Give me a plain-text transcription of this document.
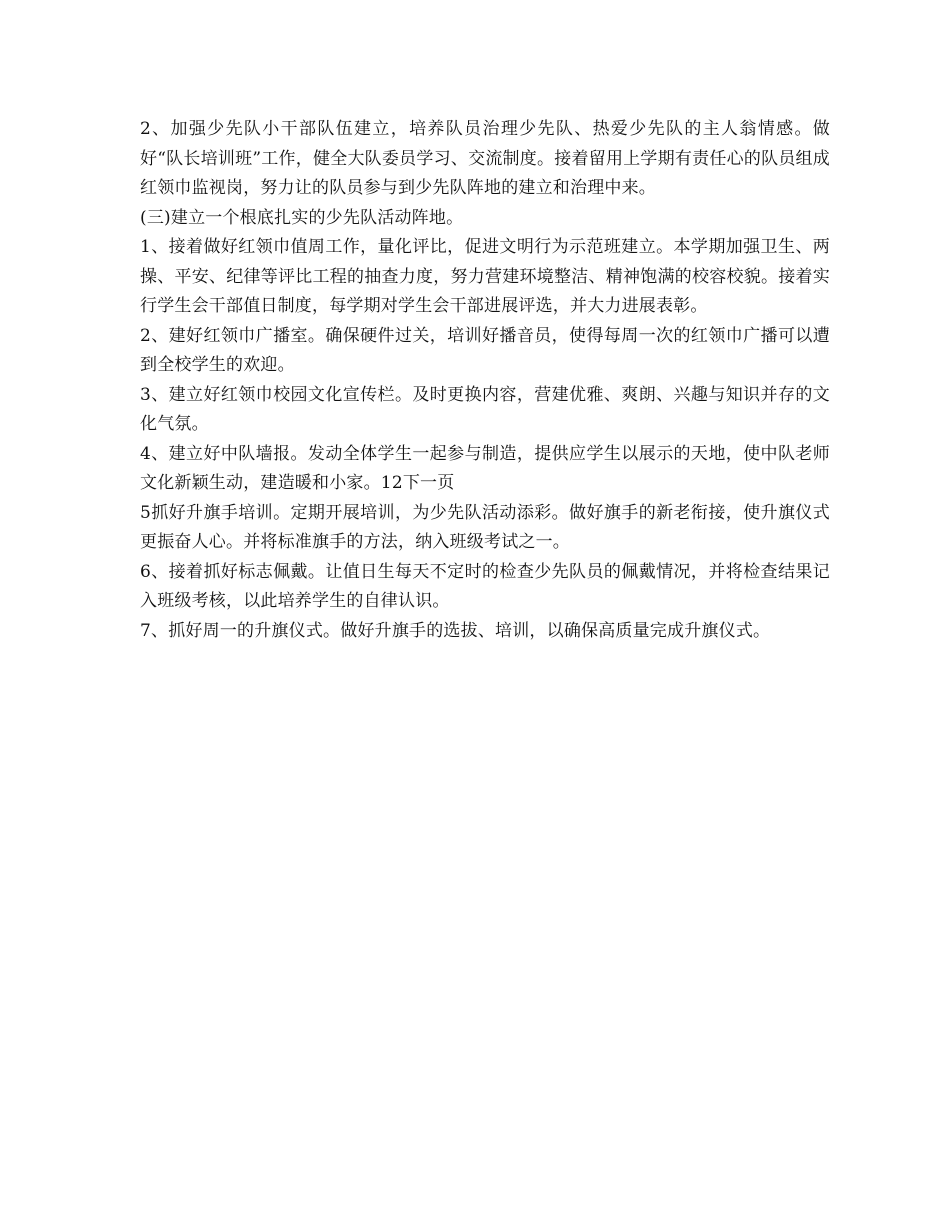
2、加强少先队小干部队伍建立，培养队员治理少先队、热爱少先队的主人翁情感。做好“队长培训班”工作，健全大队委员学习、交流制度。接着留用上学期有责任心的队员组成红领巾监视岗，努力让的队员参与到少先队阵地的建立和治理中来。

(三)建立一个根底扎实的少先队活动阵地。

1、接着做好红领巾值周工作，量化评比，促进文明行为示范班建立。本学期加强卫生、两操、平安、纪律等评比工程的抽查力度，努力营建环境整洁、精神饱满的校容校貌。接着实行学生会干部值日制度，每学期对学生会干部进展评选，并大力进展表彰。

2、建好红领巾广播室。确保硬件过关，培训好播音员，使得每周一次的红领巾广播可以遭到全校学生的欢迎。

3、建立好红领巾校园文化宣传栏。及时更换内容，营建优雅、爽朗、兴趣与知识并存的文化气氛。

4、建立好中队墙报。发动全体学生一起参与制造，提供应学生以展示的天地，使中队老师文化新颖生动，建造暖和小家。12下一页

5抓好升旗手培训。定期开展培训，为少先队活动添彩。做好旗手的新老衔接，使升旗仪式更振奋人心。并将标准旗手的方法，纳入班级考试之一。

6、接着抓好标志佩戴。让值日生每天不定时的检查少先队员的佩戴情况，并将检查结果记入班级考核，以此培养学生的自律认识。

7、抓好周一的升旗仪式。做好升旗手的选拔、培训，以确保高质量完成升旗仪式。
